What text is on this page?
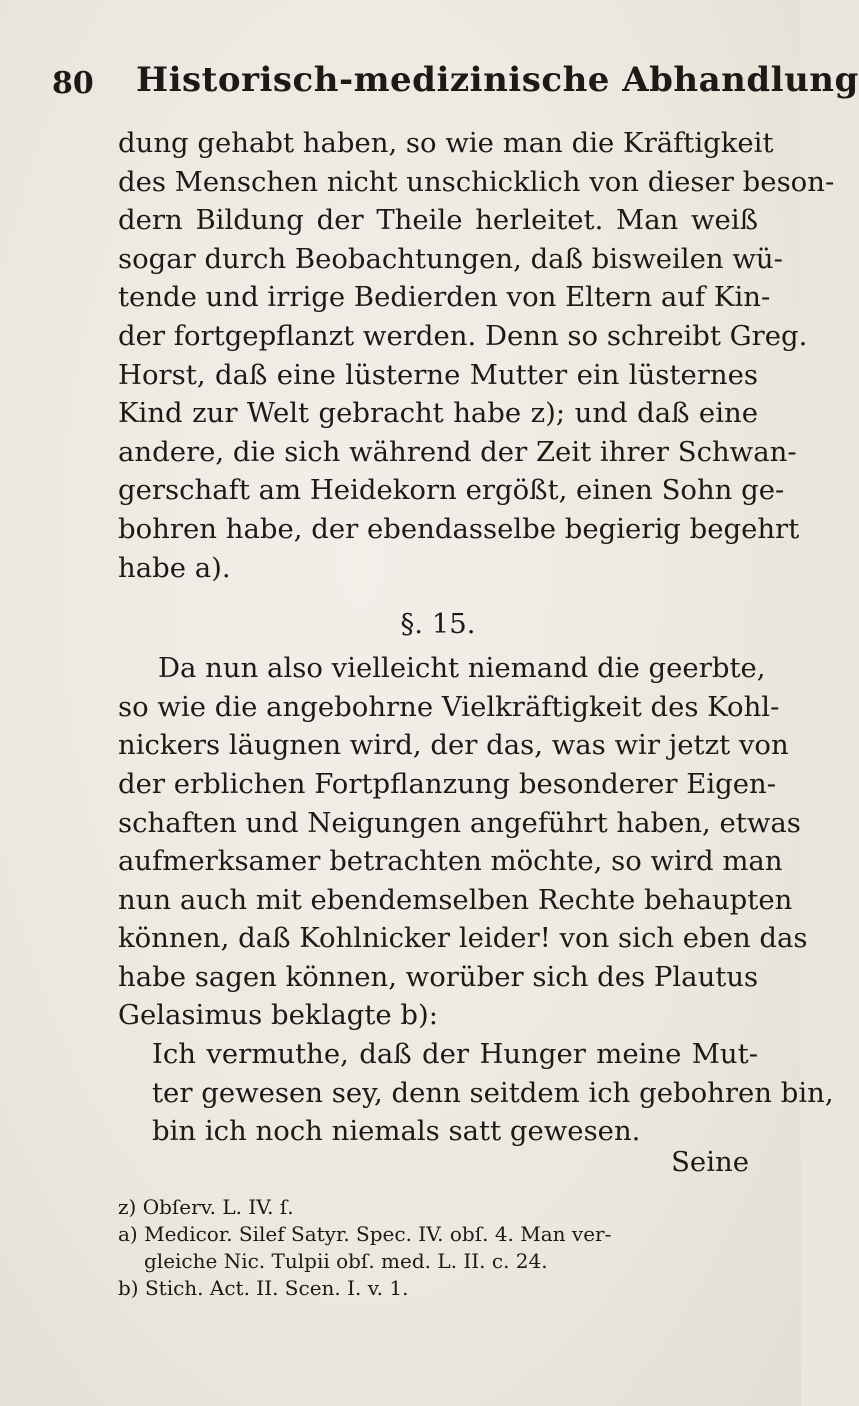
80 Historisch-medizinische Abhandlung
dung gehabt haben, so wie man die Kräftigkeit
des Menschen nicht unschicklich von dieser beson-
dern Bildung der Theile herleitet. Man weiß
sogar durch Beobachtungen, daß bisweilen wü-
tende und irrige Bedierden von Eltern auf Kin-
der fortgepflanzt werden. Denn so schreibt Greg.
Horst, daß eine lüsterne Mutter ein lüsternes
Kind zur Welt gebracht habe z); und daß eine
andere, die sich während der Zeit ihrer Schwan-
gerschaft am Heidekorn ergößt, einen Sohn ge-
bohren habe, der ebendasselbe begierig begehrt
habe a).
§. 15.
Da nun also vielleicht niemand die geerbte,
so wie die angebohrne Vielkräftigkeit des Kohl-
nickers läugnen wird, der das, was wir jetzt von
der erblichen Fortpflanzung besonderer Eigen-
schaften und Neigungen angeführt haben, etwas
aufmerksamer betrachten möchte, so wird man
nun auch mit ebendemselben Rechte behaupten
können, daß Kohlnicker leider! von sich eben das
habe sagen können, worüber sich des Plautus
Gelasimus beklagte b):
Ich vermuthe, daß der Hunger meine Mut-
ter gewesen sey, denn seitdem ich gebohren bin,
bin ich noch niemals satt gewesen.
Seine
z) Obſerv. L. IV. ſ.
a) Medicor. Silef Satyr. Spec. IV. obſ. 4. Man ver-
gleiche Nic. Tulpii obſ. med. L. II. c. 24.
b) Stich. Act. II. Scen. I. v. 1.
